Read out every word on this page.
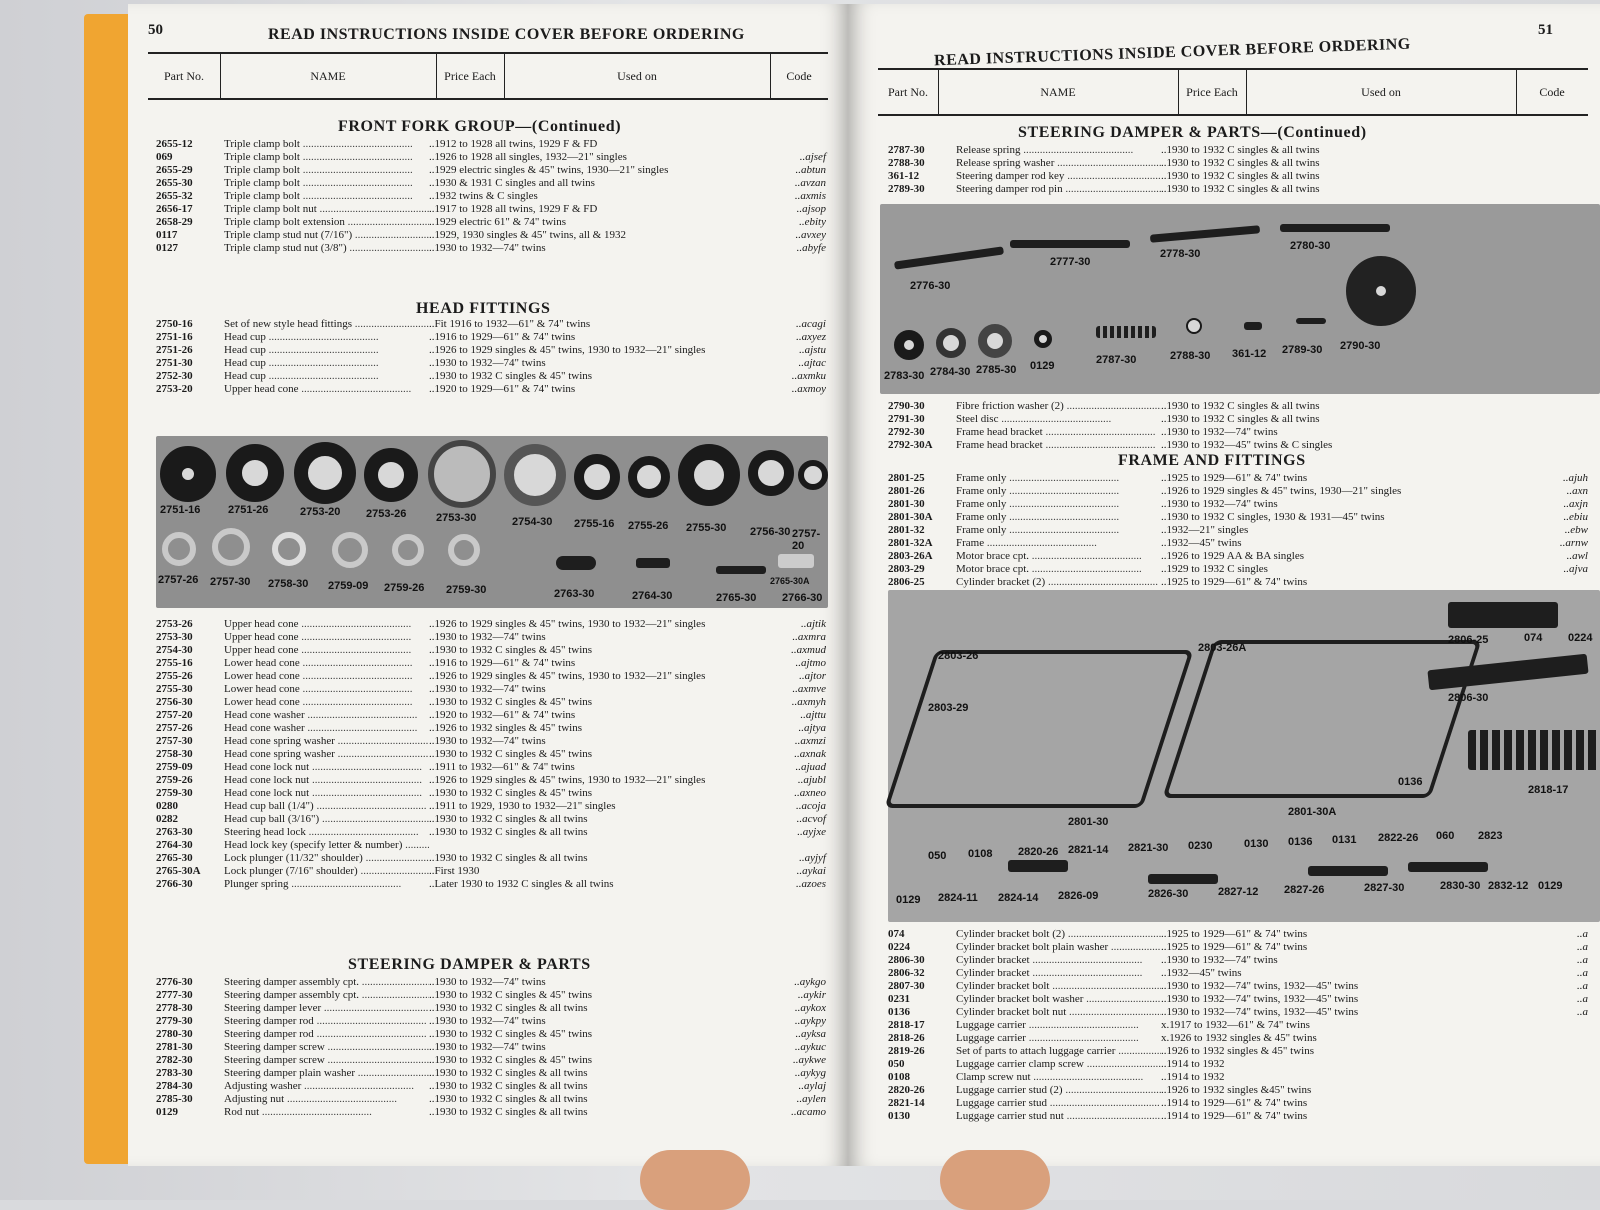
50	READ INSTRUCTIONS INSIDE COVER BEFORE ORDERING
Part No.	NAME	Price Each	Used on	Code
FRONT FORK GROUP—(Continued)
2655-12	Triple clamp bolt .....	..1912 to 1928 all twins, 1929 F & FD
069	Triple clamp bolt .....	..1926 to 1928 all singles, 1932—21" singles	..ajsef
2655-29	Triple clamp bolt .....	..1929 electric singles & 45" twins, 1930—21" singles	..abtun
2655-30	Triple clamp bolt .....	..1930 & 1931 C singles and all twins	..avzan
2655-32	Triple clamp bolt .....	..1932 twins & C singles	..axmis
2656-17	Triple clamp bolt nut .....	..1917 to 1928 all twins, 1929 F & FD	..ajsop
2658-29	Triple clamp bolt extension .....	..1929 electric 61" & 74" twins	..ebity
0117	Triple clamp stud nut (7/16") .....	..1929, 1930 singles & 45" twins, all & 1932	..avxey
0127	Triple clamp stud nut (3/8") .....	..1930 to 1932—74" twins	..abyfe
HEAD FITTINGS
2750-16	Set of new style head fittings .....	..Fit 1916 to 1932—61" & 74" twins	..acagi
2751-16	Head cup .....	..1916 to 1929—61" & 74" twins	..axyez
2751-26	Head cup .....	..1926 to 1929 singles & 45" twins, 1930 to 1932—21" singles	..ajstu
2751-30	Head cup .....	..1930 to 1932—74" twins	..ajtac
2752-30	Head cup .....	..1930 to 1932 C singles & 45" twins	..axmku
2753-20	Upper head cone .....	..1920 to 1929—61" & 74" twins	..axmoy
2751-16	2751-26	2753-20 2753-26	2753-30	2754-30 2755-16 2755-26 2755-30 2756-30 2757-20
2757-26 2757-30 2758-30 2759-09 2759-26 2759-30	2763-30	2764-30	2765-30
2765-30A
2766-30
2753-26	Upper head cone .....	..1926 to 1929 singles & 45" twins, 1930 to 1932—21" singles	..ajtik
2753-30	Upper head cone .....	..1930 to 1932—74" twins	..axmra
2754-30	Upper head cone .....	..1930 to 1932 C singles & 45" twins	..axmud
2755-16	Lower head cone .....	..1916 to 1929—61" & 74" twins	..ajtmo
2755-26	Lower head cone .....	..1926 to 1929 singles & 45" twins, 1930 to 1932—21" singles	..ajtor
2755-30	Lower head cone .....	..1930 to 1932—74" twins	..axmve
2756-30	Lower head cone .....	..1930 to 1932 C singles & 45" twins	..axmyh
2757-20	Head cone washer .....	..1920 to 1932—61" & 74" twins	..ajttu
2757-26	Head cone washer .....	..1926 to 1932 singles & 45" twins	..ajtya
2757-30	Head cone spring washer .....	..1930 to 1932—74" twins	..axmzi
2758-30	Head cone spring washer .....	..1930 to 1932 C singles & 45" twins	..axnak
2759-09	Head cone lock nut .....	..1911 to 1932—61" & 74" twins	..ajuad
2759-26	Head cone lock nut .....	..1926 to 1929 singles & 45" twins, 1930 to 1932—21" singles	..ajubl
2759-30	Head cone lock nut .....	..1930 to 1932 C singles & 45" twins	..axneo
0280	Head cup ball (1/4") .....	..1911 to 1929, 1930 to 1932—21" singles	..acoja
0282	Head cup ball (3/16") .....	..1930 to 1932 C singles & all twins	..acvof
2763-30	Steering head lock .....	..1930 to 1932 C singles & all twins	..ayjxe
2764-30	Head lock key (specify letter & number) .....
2765-30	Lock plunger (11/32" shoulder) .....	..1930 to 1932 C singles & all twins	..ayjyf
2765-30A	Lock plunger (7/16" shoulder) .....	..First 1930	..aykai
2766-30	Plunger spring .....	..Later 1930 to 1932 C singles & all twins	..azoes
STEERING DAMPER & PARTS
2776-30	Steering damper assembly cpt. .....	..1930 to 1932—74" twins	..aykgo
2777-30	Steering damper assembly cpt. .....	..1930 to 1932 C singles & 45" twins	..aykir
2778-30	Steering damper lever .....	..1930 to 1932 C singles & all twins	..aykox
2779-30	Steering damper rod .....	..1930 to 1932—74" twins	..aykpy
2780-30	Steering damper rod .....	..1930 to 1932 C singles & 45" twins	..ayksa
2781-30	Steering damper screw .....	..1930 to 1932—74" twins	..aykuc
2782-30	Steering damper screw .....	..1930 to 1932 C singles & 45" twins	..aykwe
2783-30	Steering damper plain washer .....	..1930 to 1932 C singles & all twins	..aykyg
2784-30	Adjusting washer .....	..1930 to 1932 C singles & all twins	..aylaj
2785-30	Adjusting nut .....	..1930 to 1932 C singles & all twins	..aylen
0129	Rod nut .....	..1930 to 1932 C singles & all twins	..acamo
51
READ INSTRUCTIONS INSIDE COVER BEFORE ORDERING
Part No.	NAME	Price Each	Used on	Code
STEERING DAMPER & PARTS—(Continued)
2787-30	Release spring .....	..1930 to 1932 C singles & all twins
2788-30	Release spring washer .....	..1930 to 1932 C singles & all twins
361-12	Steering damper rod key .....	..1930 to 1932 C singles & all twins
2789-30	Steering damper rod pin .....	..1930 to 1932 C singles & all twins
2776-30
2777-30
2778-30
2780-30
2783-30 2784-30 2785-30 0129	2787-30	2788-30 361-12 2789-30 2790-30
2790-30	Fibre friction washer (2) .....	..1930 to 1932 C singles & all twins
2791-30	Steel disc .....	..1930 to 1932 C singles & all twins
2792-30	Frame head bracket .....	..1930 to 1932—74" twins
2792-30A	Frame head bracket .....	..1930 to 1932—45" twins & C singles
FRAME AND FITTINGS
2801-25	Frame only .....	..1925 to 1929—61" & 74" twins	..ajuh
2801-26	Frame only .....	..1926 to 1929 singles & 45" twins, 1930—21" singles	..axn
2801-30	Frame only .....	..1930 to 1932—74" twins	..axjn
2801-30A	Frame only .....	..1930 to 1932 C singles, 1930 & 1931—45" twins	..ebiu
2801-32	Frame only .....	..1932—21" singles	..ebw
2801-32A	Frame .....	..1932—45" twins	..arnw
2803-26A	Motor brace cpt. .....	..1926 to 1929 AA & BA singles	..awl
2803-29	Motor brace cpt. .....	..1929 to 1932 C singles	..ajva
2806-25	Cylinder bracket (2) .....	..1925 to 1929—61" & 74" twins
2803-26
2803-26A
2803-29
2801-30
2801-30A
2806-25	074 0224
2806-30
0136
2818-17
050 0108 2820-26 2821-14 2821-30 0230	0130 0136 0131 2822-26 060 2823
0129 2824-11 2824-14 2826-09	2826-30	2827-12 2827-26	2827-30	2830-30 2832-12 0129
074	Cylinder bracket bolt (2) .....	..1925 to 1929—61" & 74" twins	..a
0224	Cylinder bracket bolt plain washer .....	..1925 to 1929—61" & 74" twins	..a
2806-30	Cylinder bracket .....	..1930 to 1932—74" twins	..a
2806-32	Cylinder bracket .....	..1932—45" twins	..a
2807-30	Cylinder bracket bolt .....	..1930 to 1932—74" twins, 1932—45" twins	..a
0231	Cylinder bracket bolt washer .....	..1930 to 1932—74" twins, 1932—45" twins	..a
0136	Cylinder bracket bolt nut .....	..1930 to 1932—74" twins, 1932—45" twins	..a
2818-17	Luggage carrier .....	x.1917 to 1932—61" & 74" twins
2818-26	Luggage carrier .....	x.1926 to 1932 singles & 45" twins
2819-26	Set of parts to attach luggage carrier .....	..1926 to 1932 singles & 45" twins
050	Luggage carrier clamp screw .....	..1914 to 1932
0108	Clamp screw nut .....	..1914 to 1932
2820-26	Luggage carrier stud (2) .....	..1926 to 1932 singles &45" twins
2821-14	Luggage carrier stud .....	..1914 to 1929—61" & 74" twins
0130	Luggage carrier stud nut .....	..1914 to 1929—61" & 74" twins
